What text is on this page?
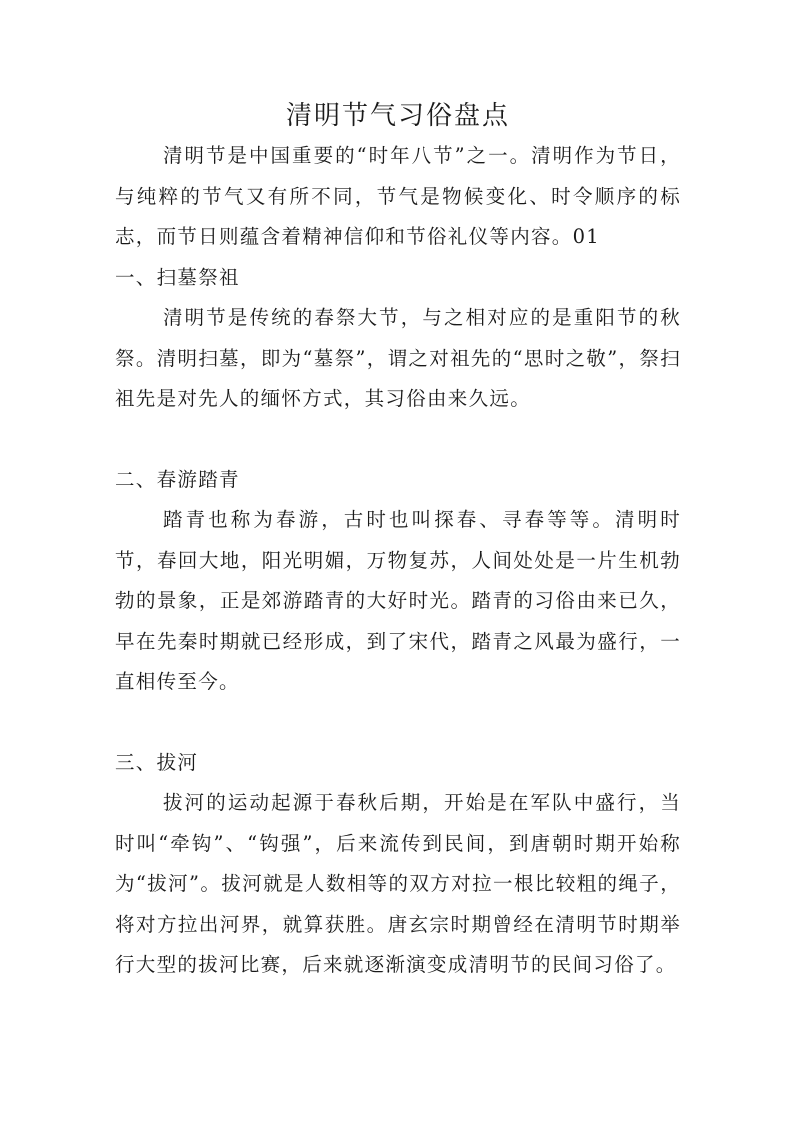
清明节气习俗盘点

清明节是中国重要的“时年八节”之一。清明作为节日，与纯粹的节气又有所不同，节气是物候变化、时令顺序的标志，而节日则蕴含着精神信仰和节俗礼仪等内容。01

一、扫墓祭祖

清明节是传统的春祭大节，与之相对应的是重阳节的秋祭。清明扫墓，即为“墓祭”，谓之对祖先的“思时之敬”，祭扫祖先是对先人的缅怀方式，其习俗由来久远。

二、春游踏青

踏青也称为春游，古时也叫探春、寻春等等。清明时节，春回大地，阳光明媚，万物复苏，人间处处是一片生机勃勃的景象，正是郊游踏青的大好时光。踏青的习俗由来已久，早在先秦时期就已经形成，到了宋代，踏青之风最为盛行，一直相传至今。

三、拔河

拔河的运动起源于春秋后期，开始是在军队中盛行，当时叫“牵钩”、“钩强”，后来流传到民间，到唐朝时期开始称为“拔河”。拔河就是人数相等的双方对拉一根比较粗的绳子，将对方拉出河界，就算获胜。唐玄宗时期曾经在清明节时期举行大型的拔河比赛，后来就逐渐演变成清明节的民间习俗了。
